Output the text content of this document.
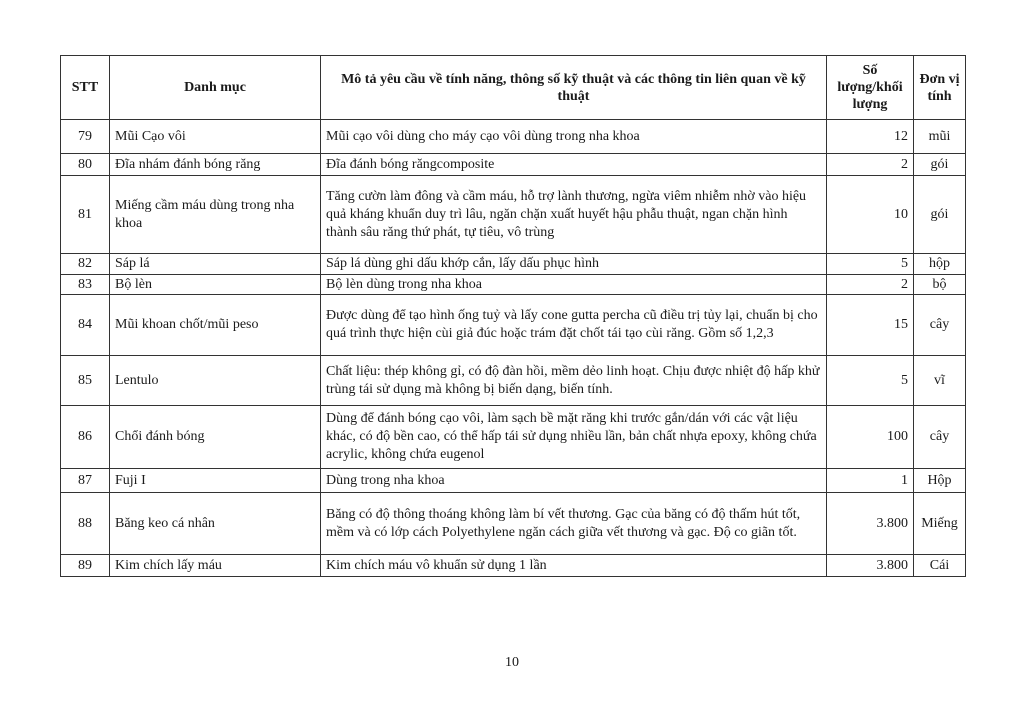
STT	Danh mục	Mô tả yêu cầu về tính năng, thông số kỹ thuật và các thông tin liên quan về kỹ thuật	Số lượng/khối lượng	Đơn vị tính
79	Mũi Cạo vôi	Mũi cạo vôi dùng cho máy cạo vôi dùng trong nha khoa	12	mũi
80	Đĩa nhám đánh bóng răng	Đĩa đánh bóng răngcomposite	2	gói
81	Miếng cầm máu dùng trong nha khoa	Tăng cườn làm đông và cầm máu, hỗ trợ lành thương, ngừa viêm nhiễm nhờ vào hiệu quả kháng khuẩn duy trì lâu, ngăn chặn xuất huyết hậu phẫu thuật, ngan chặn hình thành sâu răng thứ phát, tự tiêu, vô trùng	10	gói
82	Sáp lá	Sáp lá dùng ghi dấu khớp cắn, lấy dấu phục hình	5	hộp
83	Bộ lèn	Bộ lèn dùng trong nha khoa	2	bộ
84	Mũi khoan chốt/mũi peso	Được dùng để tạo hình ống tuỷ và lấy cone gutta percha cũ điều trị tủy lại, chuẩn bị cho quá trình thực hiện cùi giả đúc hoặc trám đặt chốt tái tạo cùi răng. Gồm số 1,2,3	15	cây
85	Lentulo	Chất liệu: thép không gỉ, có độ đàn hồi, mềm dẻo linh hoạt. Chịu được nhiệt độ hấp khử trùng tái sử dụng mà không bị biến dạng, biến tính.	5	vĩ
86	Chổi đánh bóng	Dùng để đánh bóng cạo vôi, làm sạch bề mặt răng khi trước gắn/dán với các vật liệu khác, có độ bền cao, có thể hấp tái sử dụng nhiều lần, bản chất nhựa epoxy, không chứa acrylic, không chứa eugenol	100	cây
87	Fuji I	Dùng trong nha khoa	1	Hộp
88	Băng keo cá nhân	Băng có độ thông thoáng không làm bí vết thương. Gạc của băng có độ thấm hút tốt, mềm và có lớp cách Polyethylene ngăn cách giữa vết thương và gạc. Độ co giãn tốt.	3.800	Miếng
89	Kim chích lấy máu	Kim chích máu vô khuẩn sử dụng 1 lần	3.800	Cái
10
